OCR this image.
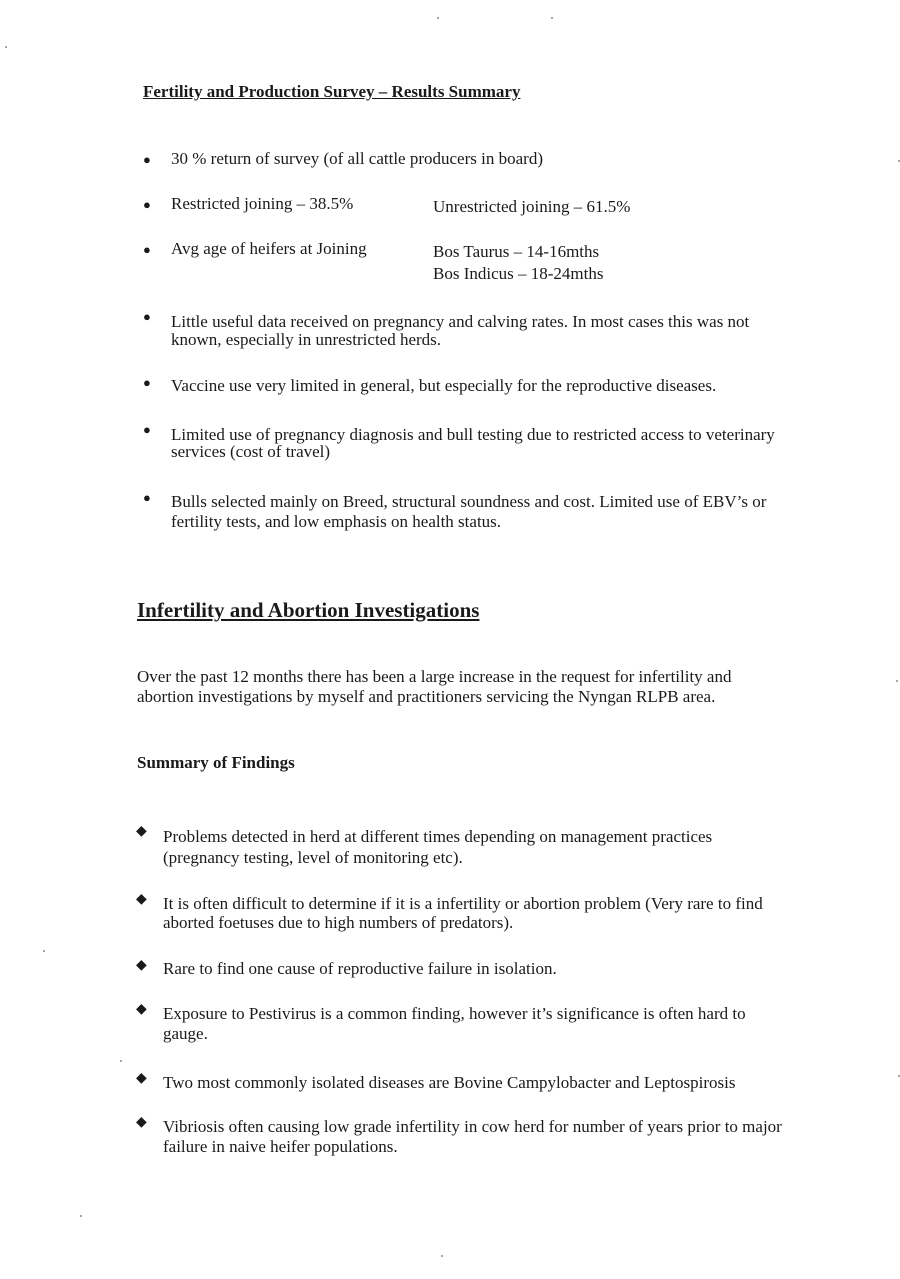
Fertility and Production Survey – Results Summary
● 30 % return of survey (of all cattle producers in board)
● Restricted joining – 38.5%	Unrestricted joining – 61.5%
● Avg age of heifers at Joining	Bos Taurus – 14-16mths
Bos Indicus – 18-24mths
● Little useful data received on pregnancy and calving rates. In most cases this was not
known, especially in unrestricted herds.
● Vaccine use very limited in general, but especially for the reproductive diseases.
● Limited use of pregnancy diagnosis and bull testing due to restricted access to veterinary
services (cost of travel)
● Bulls selected mainly on Breed, structural soundness and cost. Limited use of EBV’s or
fertility tests, and low emphasis on health status.
Infertility and Abortion Investigations
Over the past 12 months there has been a large increase in the request for infertility and
abortion investigations by myself and practitioners servicing the Nyngan RLPB area.
Summary of Findings
◆ Problems detected in herd at different times depending on management practices
(pregnancy testing, level of monitoring etc).
◆ It is often difficult to determine if it is a infertility or abortion problem (Very rare to find
aborted foetuses due to high numbers of predators).
◆ Rare to find one cause of reproductive failure in isolation.
◆ Exposure to Pestivirus is a common finding, however it’s significance is often hard to
gauge.
◆ Two most commonly isolated diseases are Bovine Campylobacter and Leptospirosis
◆ Vibriosis often causing low grade infertility in cow herd for number of years prior to major
failure in naive heifer populations.
